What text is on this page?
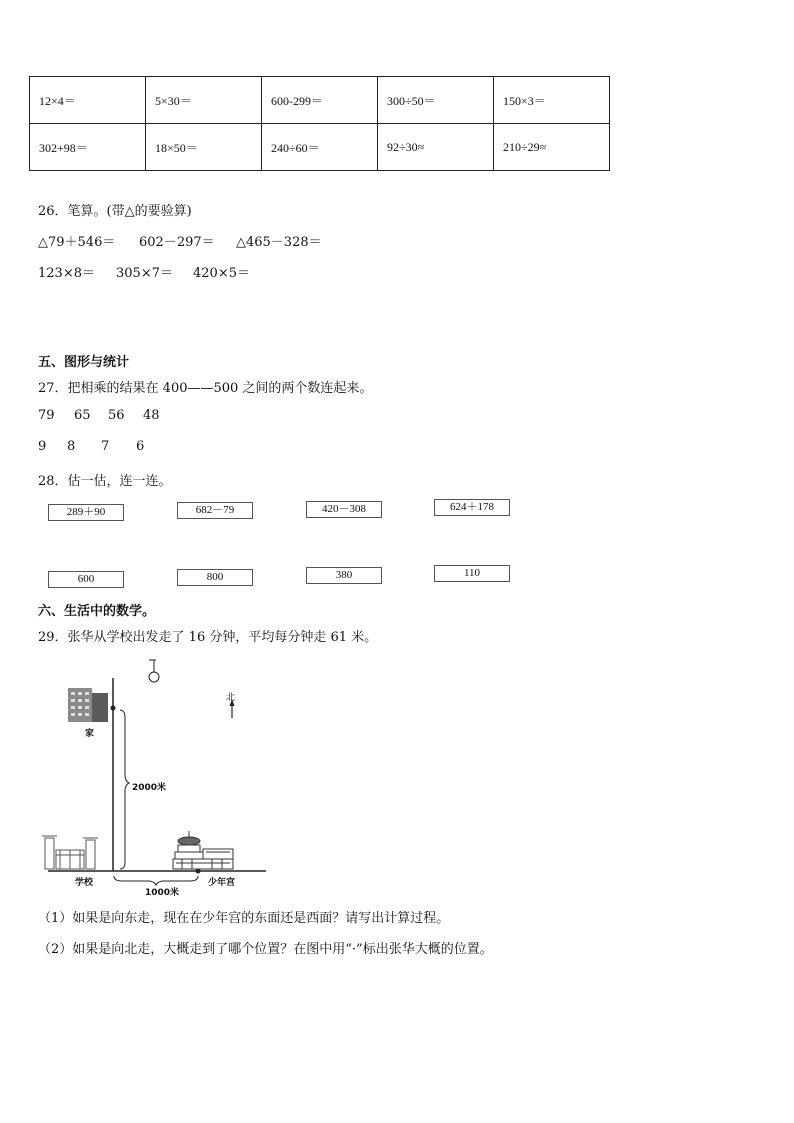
12×4＝	5×30＝	600-299＝	300÷50＝	150×3＝
302+98＝	18×50＝	240÷60＝	92÷30≈	210÷29≈
26．笔算。(带△的要验算)
△79＋546＝ 602－297＝ △465－328＝
123×8＝ 305×7＝ 420×5＝
五、图形与统计
27．把相乘的结果在 400——500 之间的两个数连起来。
79 65 56 48
9 8 7 6
28．估一估，连一连。
289＋90	682－79	420－308	624＋178
600	800	380	110
六、生活中的数学。
29．张华从学校出发走了 16 分钟，平均每分钟走 61 米。
家
2000米
北
学校
1000米
少年宫
（1）如果是向东走，现在在少年宫的东面还是西面？请写出计算过程。
（2）如果是向北走，大概走到了哪个位置？在图中用“·”标出张华大概的位置。
